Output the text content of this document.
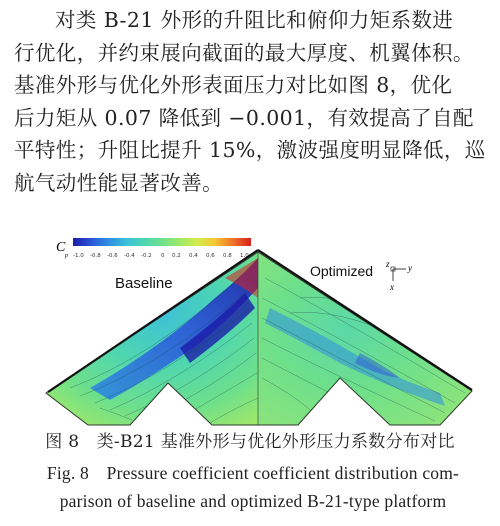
对类 B-21 外形的升阻比和俯仰力矩系数进
行优化，并约束展向截面的最大厚度、机翼体积。
基准外形与优化外形表面压力对比如图 8，优化
后力矩从 0.07 降低到 −0.001，有效提高了自配
平特性；升阻比提升 15%，激波强度明显降低，巡
航气动性能显著改善。
C
p -1.0 -0.8 -0.6 -0.4 -0.2 0 0.2 0.4 0.6 0.8 1.0
Baseline
Optimized z y
x
图 8　类-B21 基准外形与优化外形压力系数分布对比
Fig. 8　Pressure coefficient coefficient distribution com-
parison of baseline and optimized B-21-type platform
